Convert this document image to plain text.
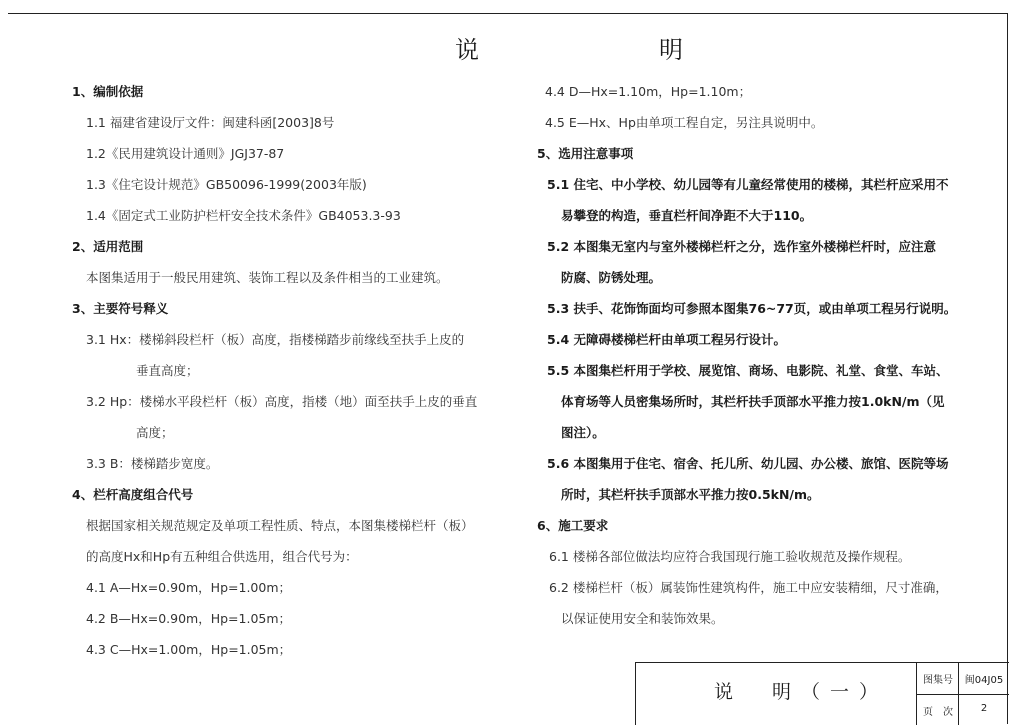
说　　明
1、编制依据
1.1 福建省建设厅文件：闽建科函[2003]8号
1.2《民用建筑设计通则》JGJ37-87
1.3《住宅设计规范》GB50096-1999(2003年版)
1.4《固定式工业防护栏杆安全技术条件》GB4053.3-93
2、适用范围
本图集适用于一般民用建筑、装饰工程以及条件相当的工业建筑。
3、主要符号释义
3.1 Hx：楼梯斜段栏杆（板）高度，指楼梯踏步前缘线至扶手上皮的
垂直高度；
3.2 Hp：楼梯水平段栏杆（板）高度，指楼（地）面至扶手上皮的垂直
高度；
3.3 B：楼梯踏步宽度。
4、栏杆高度组合代号
根据国家相关规范规定及单项工程性质、特点，本图集楼梯栏杆（板）
的高度Hx和Hp有五种组合供选用，组合代号为：
4.1 A—Hx=0.90m，Hp=1.00m；
4.2 B—Hx=0.90m，Hp=1.05m；
4.3 C—Hx=1.00m，Hp=1.05m；
4.4 D—Hx=1.10m，Hp=1.10m；
4.5 E—Hx、Hp由单项工程自定，另注具说明中。
5、选用注意事项
5.1 住宅、中小学校、幼儿园等有儿童经常使用的楼梯，其栏杆应采用不
易攀登的构造，垂直栏杆间净距不大于110。
5.2 本图集无室内与室外楼梯栏杆之分，选作室外楼梯栏杆时，应注意
防腐、防锈处理。
5.3 扶手、花饰饰面均可参照本图集76~77页，或由单项工程另行说明。
5.4 无障碍楼梯栏杆由单项工程另行设计。
5.5 本图集栏杆用于学校、展览馆、商场、电影院、礼堂、食堂、车站、
体育场等人员密集场所时，其栏杆扶手顶部水平推力按1.0kN/m（见
图注）。
5.6 本图集用于住宅、宿舍、托儿所、幼儿园、办公楼、旅馆、医院等场
所时，其栏杆扶手顶部水平推力按0.5kN/m。
6、施工要求
6.1 楼梯各部位做法均应符合我国现行施工验收规范及操作规程。
6.2 楼梯栏杆（板）属装饰性建筑构件，施工中应安装精细，尺寸准确，
以保证使用安全和装饰效果。
说　明（一）
图集号	闽04J05
页　次	2
